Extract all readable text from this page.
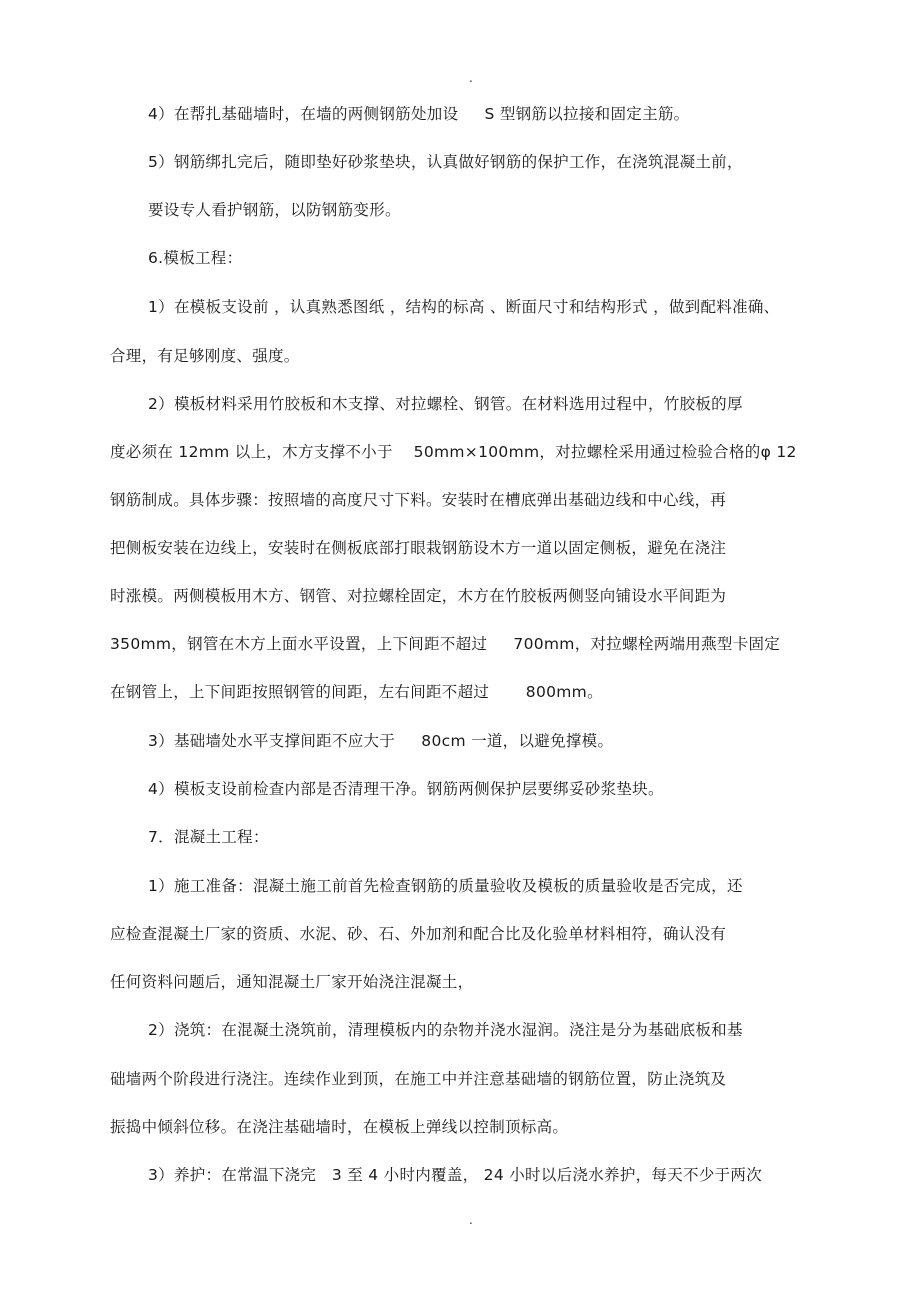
.
4）在帮扎基础墙时，在墙的两侧钢筋处加设     S 型钢筋以拉接和固定主筋。
5）钢筋绑扎完后，随即垫好砂浆垫块，认真做好钢筋的保护工作，在浇筑混凝土前，
要设专人看护钢筋，以防钢筋变形。
6.模板工程：
1）在模板支设前 ，认真熟悉图纸 ，结构的标高 、断面尺寸和结构形式 ，做到配料准确、
合理，有足够刚度、强度。
2）模板材料采用竹胶板和木支撑、对拉螺栓、钢管。在材料选用过程中，竹胶板的厚
度必须在 12mm 以上，木方支撑不小于    50mm×100mm，对拉螺栓采用通过检验合格的φ 12
钢筋制成。具体步骤：按照墙的高度尺寸下料。安装时在槽底弹出基础边线和中心线，再
把侧板安装在边线上，安装时在侧板底部打眼栽钢筋设木方一道以固定侧板，避免在浇注
时涨模。两侧模板用木方、钢管、对拉螺栓固定，木方在竹胶板两侧竖向铺设水平间距为
350mm，钢管在木方上面水平设置，上下间距不超过     700mm，对拉螺栓两端用燕型卡固定
在钢管上，上下间距按照钢管的间距，左右间距不超过       800mm。
3）基础墙处水平支撑间距不应大于     80cm 一道，以避免撑模。
4）模板支设前检查内部是否清理干净。钢筋两侧保护层要绑妥砂浆垫块。
7．混凝土工程：
1）施工准备：混凝土施工前首先检查钢筋的质量验收及模板的质量验收是否完成，还
应检查混凝土厂家的资质、水泥、砂、石、外加剂和配合比及化验单材料相符，确认没有
任何资料问题后，通知混凝土厂家开始浇注混凝土，
2）浇筑：在混凝土浇筑前，清理模板内的杂物并浇水湿润。浇注是分为基础底板和基
础墙两个阶段进行浇注。连续作业到顶，在施工中并注意基础墙的钢筋位置，防止浇筑及
振捣中倾斜位移。在浇注基础墙时，在模板上弹线以控制顶标高。
3）养护：在常温下浇完   3 至 4 小时内覆盖， 24 小时以后浇水养护，每天不少于两次
.
